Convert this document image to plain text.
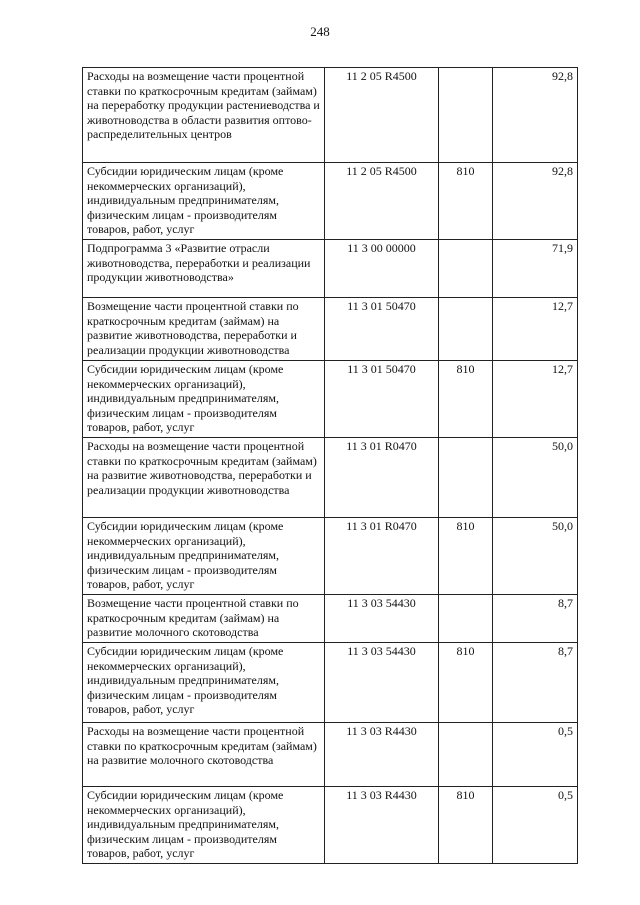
248
Расходы на возмещение части процентной ставки по краткосрочным кредитам (займам) на переработку продукции растениеводства и животноводства в области развития оптово-распределительных центров	11 2 05 R4500		92,8
Субсидии юридическим лицам (кроме некоммерческих организаций), индивидуальным предпринимателям, физическим лицам - производителям товаров, работ, услуг	11 2 05 R4500	810	92,8
Подпрограмма 3 «Развитие отрасли животноводства, переработки и реализации продукции животноводства»	11 3 00 00000		71,9
Возмещение части процентной ставки по краткосрочным кредитам (займам) на развитие животноводства, переработки и реализации продукции животноводства	11 3 01 50470		12,7
Субсидии юридическим лицам (кроме некоммерческих организаций), индивидуальным предпринимателям, физическим лицам - производителям товаров, работ, услуг	11 3 01 50470	810	12,7
Расходы на возмещение части процентной ставки по краткосрочным кредитам (займам) на развитие животноводства, переработки и реализации продукции животноводства	11 3 01 R0470		50,0
Субсидии юридическим лицам (кроме некоммерческих организаций), индивидуальным предпринимателям, физическим лицам - производителям товаров, работ, услуг	11 3 01 R0470	810	50,0
Возмещение части процентной ставки по краткосрочным кредитам (займам) на развитие молочного скотоводства	11 3 03 54430		8,7
Субсидии юридическим лицам (кроме некоммерческих организаций), индивидуальным предпринимателям, физическим лицам - производителям товаров, работ, услуг	11 3 03 54430	810	8,7
Расходы на возмещение части процентной ставки по краткосрочным кредитам (займам) на развитие молочного скотоводства	11 3 03 R4430		0,5
Субсидии юридическим лицам (кроме некоммерческих организаций), индивидуальным предпринимателям, физическим лицам - производителям товаров, работ, услуг	11 3 03 R4430	810	0,5
